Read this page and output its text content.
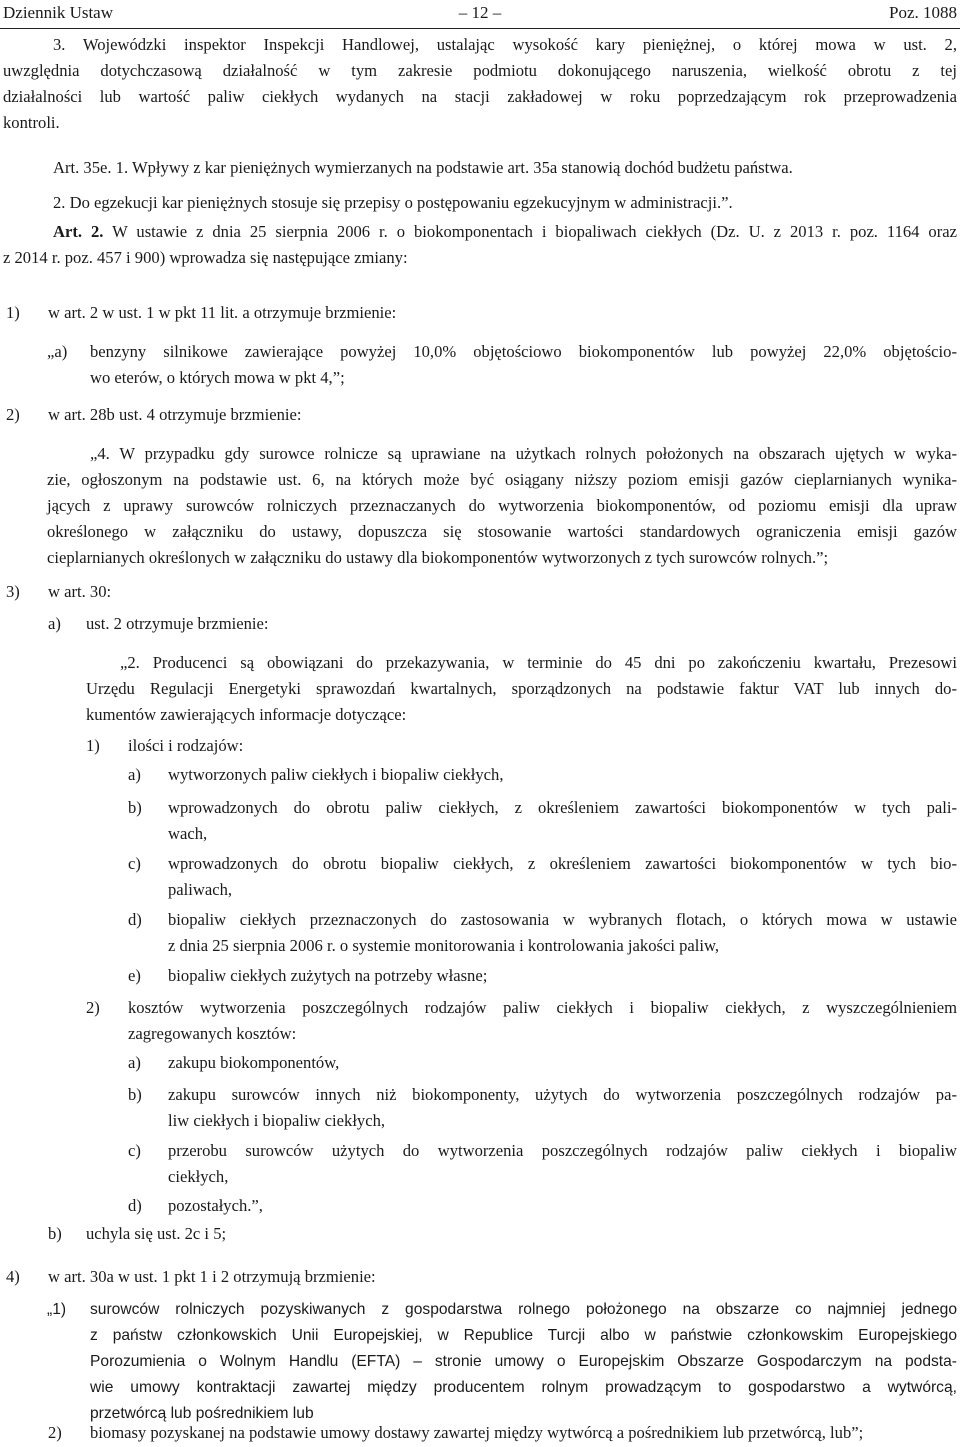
Dziennik Ustaw	– 12 –	Poz. 1088
3. Wojewódzki inspektor Inspekcji Handlowej, ustalając wysokość kary pieniężnej, o której mowa w ust. 2,
uwzględnia dotychczasową działalność w tym zakresie podmiotu dokonującego naruszenia, wielkość obrotu z tej
działalności lub wartość paliw ciekłych wydanych na stacji zakładowej w roku poprzedzającym rok przeprowadzenia
kontroli.
Art. 35e. 1. Wpływy z kar pieniężnych wymierzanych na podstawie art. 35a stanowią dochód budżetu państwa.
2. Do egzekucji kar pieniężnych stosuje się przepisy o postępowaniu egzekucyjnym w administracji.”.
Art. 2. W ustawie z dnia 25 sierpnia 2006 r. o biokomponentach i biopaliwach ciekłych (Dz. U. z 2013 r. poz. 1164 oraz
z 2014 r. poz. 457 i 900) wprowadza się następujące zmiany:
1) w art. 2 w ust. 1 w pkt 11 lit. a otrzymuje brzmienie:
„a) benzyny silnikowe zawierające powyżej 10,0% objętościowo biokomponentów lub powyżej 22,0% objętościo-
wo eterów, o których mowa w pkt 4,”;
2) w art. 28b ust. 4 otrzymuje brzmienie:
„4. W przypadku gdy surowce rolnicze są uprawiane na użytkach rolnych położonych na obszarach ujętych w wyka-
zie, ogłoszonym na podstawie ust. 6, na których może być osiągany niższy poziom emisji gazów cieplarnianych wynika-
jących z uprawy surowców rolniczych przeznaczanych do wytworzenia biokomponentów, od poziomu emisji dla upraw
określonego w załączniku do ustawy, dopuszcza się stosowanie wartości standardowych ograniczenia emisji gazów
cieplarnianych określonych w załączniku do ustawy dla biokomponentów wytworzonych z tych surowców rolnych.”;
3) w art. 30:
a) ust. 2 otrzymuje brzmienie:
„2. Producenci są obowiązani do przekazywania, w terminie do 45 dni po zakończeniu kwartału, Prezesowi
Urzędu Regulacji Energetyki sprawozdań kwartalnych, sporządzonych na podstawie faktur VAT lub innych do-
kumentów zawierających informacje dotyczące:
1) ilości i rodzajów:
a) wytworzonych paliw ciekłych i biopaliw ciekłych,
b) wprowadzonych do obrotu paliw ciekłych, z określeniem zawartości biokomponentów w tych pali-
wach,
c) wprowadzonych do obrotu biopaliw ciekłych, z określeniem zawartości biokomponentów w tych bio-
paliwach,
d) biopaliw ciekłych przeznaczonych do zastosowania w wybranych flotach, o których mowa w ustawie
z dnia 25 sierpnia 2006 r. o systemie monitorowania i kontrolowania jakości paliw,
e) biopaliw ciekłych zużytych na potrzeby własne;
2) kosztów wytworzenia poszczególnych rodzajów paliw ciekłych i biopaliw ciekłych, z wyszczególnieniem
zagregowanych kosztów:
a) zakupu biokomponentów,
b) zakupu surowców innych niż biokomponenty, użytych do wytworzenia poszczególnych rodzajów pa-
liw ciekłych i biopaliw ciekłych,
c) przerobu surowców użytych do wytworzenia poszczególnych rodzajów paliw ciekłych i biopaliw
ciekłych,
d) pozostałych.”,
b) uchyla się ust. 2c i 5;
4) w art. 30a w ust. 1 pkt 1 i 2 otrzymują brzmienie:
„1) surowców rolniczych pozyskiwanych z gospodarstwa rolnego położonego na obszarze co najmniej jednego
z państw członkowskich Unii Europejskiej, w Republice Turcji albo w państwie członkowskim Europejskiego
Porozumienia o Wolnym Handlu (EFTA) – stronie umowy o Europejskim Obszarze Gospodarczym na podsta-
wie umowy kontraktacji zawartej między producentem rolnym prowadzącym to gospodarstwo a wytwórcą,
przetwórcą lub pośrednikiem lub
2) biomasy pozyskanej na podstawie umowy dostawy zawartej między wytwórcą a pośrednikiem lub przetwórcą, lub”;
